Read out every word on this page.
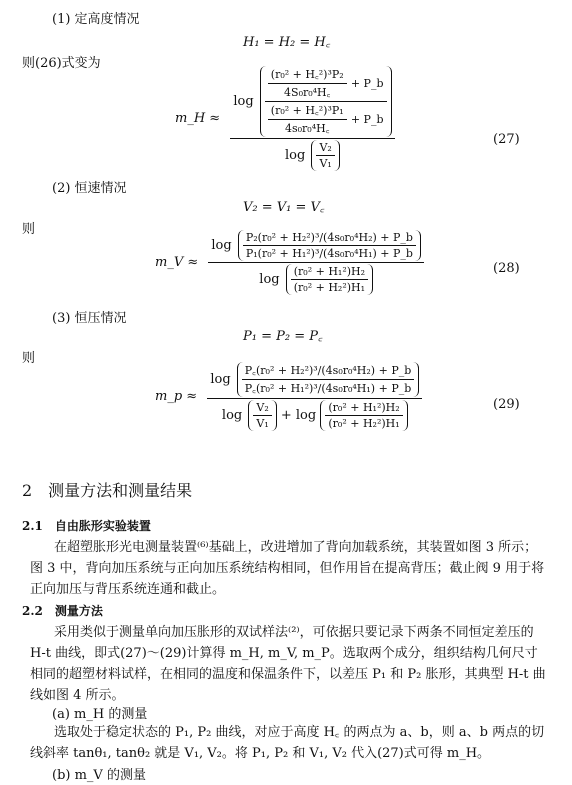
(1) 定高度情况
H₁ = H₂ = H꜀
则(26)式变为
m_H ≈
log
$\frac{\text{(r₀² + H꜀²)³P₂}}{\text{4S₀r₀⁴H꜀}}$ + P_b
$\frac{\text{(r₀² + H꜀²)³P₁}}{\text{4s₀r₀⁴H꜀}}$ + P_b
$\log \frac{\text{V₂}}{\text{V₁}}$
(27)
(2) 恒速情况
V₂ = V₁ = V꜀
则
m_V ≈
$\log \frac{\text{P₂(r₀² + H₂²)³/(4s₀r₀⁴H₂) + P\_b}}{\text{P₁(r₀² + H₁²)³/(4s₀r₀⁴H₁) + P\_b}}$
$\log \frac{\text{(r₀² + H₁²)H₂}}{\text{(r₀² + H₂²)H₁}}$	(28)
(3) 恒压情况
P₁ = P₂ = P꜀
则
m_p ≈
$\log \frac{\text{P꜀(r₀² + H₂²)³/(4s₀r₀⁴H₂) + P\_b}}{\text{P꜀(r₀² + H₁²)³/(4s₀r₀⁴H₁) + P\_b}}$
$\log \frac{\text{V₂}}{\text{V₁}} + \log \frac{\text{(r₀² + H₁²)H₂}}{\text{(r₀² + H₂²)H₁}}$	(29)
2　测量方法和测量结果
2.1　自由胀形实验装置
在超塑胀形光电测量装置⁽⁶⁾基础上，改进增加了背向加载系统，其装置如图 3 所示；图 3 中，背向加压系统与正向加压系统结构相同，但作用旨在提高背压；截止阀 9 用于将正向加压与背压系统连通和截止。
2.2　测量方法
采用类似于测量单向加压胀形的双试样法⁽²⁾，可依据只要记录下两条不同恒定差压的 H-t 曲线，即式(27)～(29)计算得 m_H, m_V, m_P。选取两个成分，组织结构几何尺寸相同的超塑材料试样，在相同的温度和保温条件下，以差压 P₁ 和 P₂ 胀形，其典型 H-t 曲线如图 4 所示。
(a) m_H 的测量
选取处于稳定状态的 P₁, P₂ 曲线，对应于高度 H꜀ 的两点为 a、b，则 a、b 两点的切线斜率 tanθ₁, tanθ₂ 就是 V₁, V₂。将 P₁, P₂ 和 V₁, V₂ 代入(27)式可得 m_H。
(b) m_V 的测量
